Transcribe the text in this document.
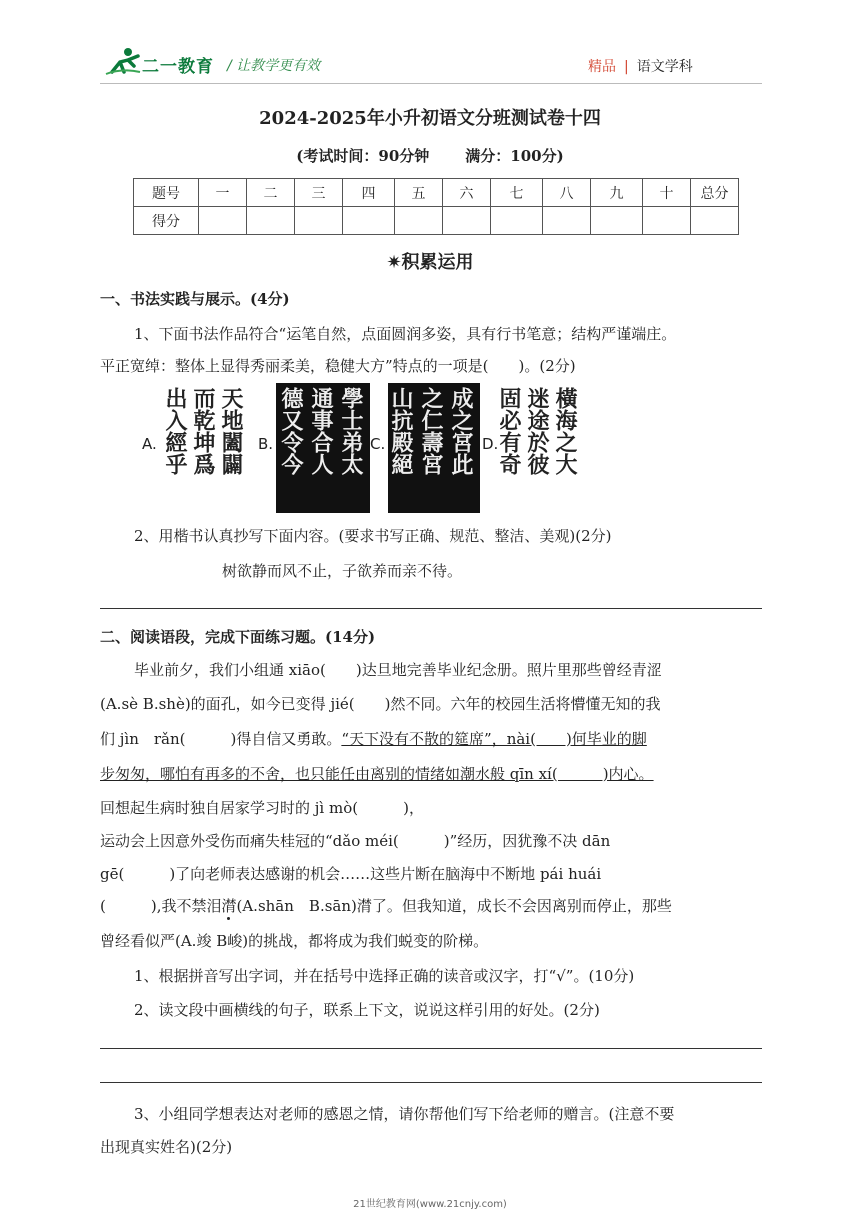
二一教育 / 让教学更有效	精品 | 语文学科
2024-2025年小升初语文分班测试卷十四
(考试时间：90分钟 满分：100分)
题号	一	二	三	四	五	六	七	八	九	十	总分
得分											
✷积累运用
一、书法实践与展示。(4分)
1、下面书法作品符合“运笔自然，点面圆润多姿，具有行书笔意；结构严谨端庄。
平正宽绰：整体上显得秀丽柔美，稳健大方”特点的一项是(　　)。(2分)
A.	天地闔闢
而乾坤爲
出入經乎	B.	學士弟太
通事合人
德又令今	C.	成之宮此
之仁壽宮
山抗殿絕	D. 橫海之大
迷途於彼
固必有奇
2、用楷书认真抄写下面内容。(要求书写正确、规范、整洁、美观)(2分)
树欲静而风不止，子欲养而亲不待。
二、阅读语段，完成下面练习题。(14分)
毕业前夕，我们小组通 xiāo(　　)达旦地完善毕业纪念册。照片里那些曾经青涩
(A.sè B.shè)的面孔，如今已变得 jié(　　)然不同。六年的校园生活将懵懂无知的我
们 jìn　rǎn(　　　)得自信又勇敢。“天下没有不散的筵席”，nài(　　)何毕业的脚
步匆匆，哪怕有再多的不舍，也只能任由离别的情绪如潮水般 qīn xí(　　　)内心。
回想起生病时独自居家学习时的 jì mò(　　　)，
运动会上因意外受伤而痛失桂冠的“dǎo méi(　　　)”经历，因犹豫不决 dān
gē(　　　)了向老师表达感谢的机会……这些片断在脑海中不断地 pái huái
(　　　),我不禁泪潸(A.shān　B.sān)潸了。但我知道，成长不会因离别而停止，那些
曾经看似严(A.竣 B峻)的挑战，都将成为我们蜕变的阶梯。
1、根据拼音写出字词，并在括号中选择正确的读音或汉字，打“√”。(10分)
2、读文段中画横线的句子，联系上下文，说说这样引用的好处。(2分)
3、小组同学想表达对老师的感恩之情，请你帮他们写下给老师的赠言。(注意不要
出现真实姓名)(2分)
21世纪教育网(www.21cnjy.com)
